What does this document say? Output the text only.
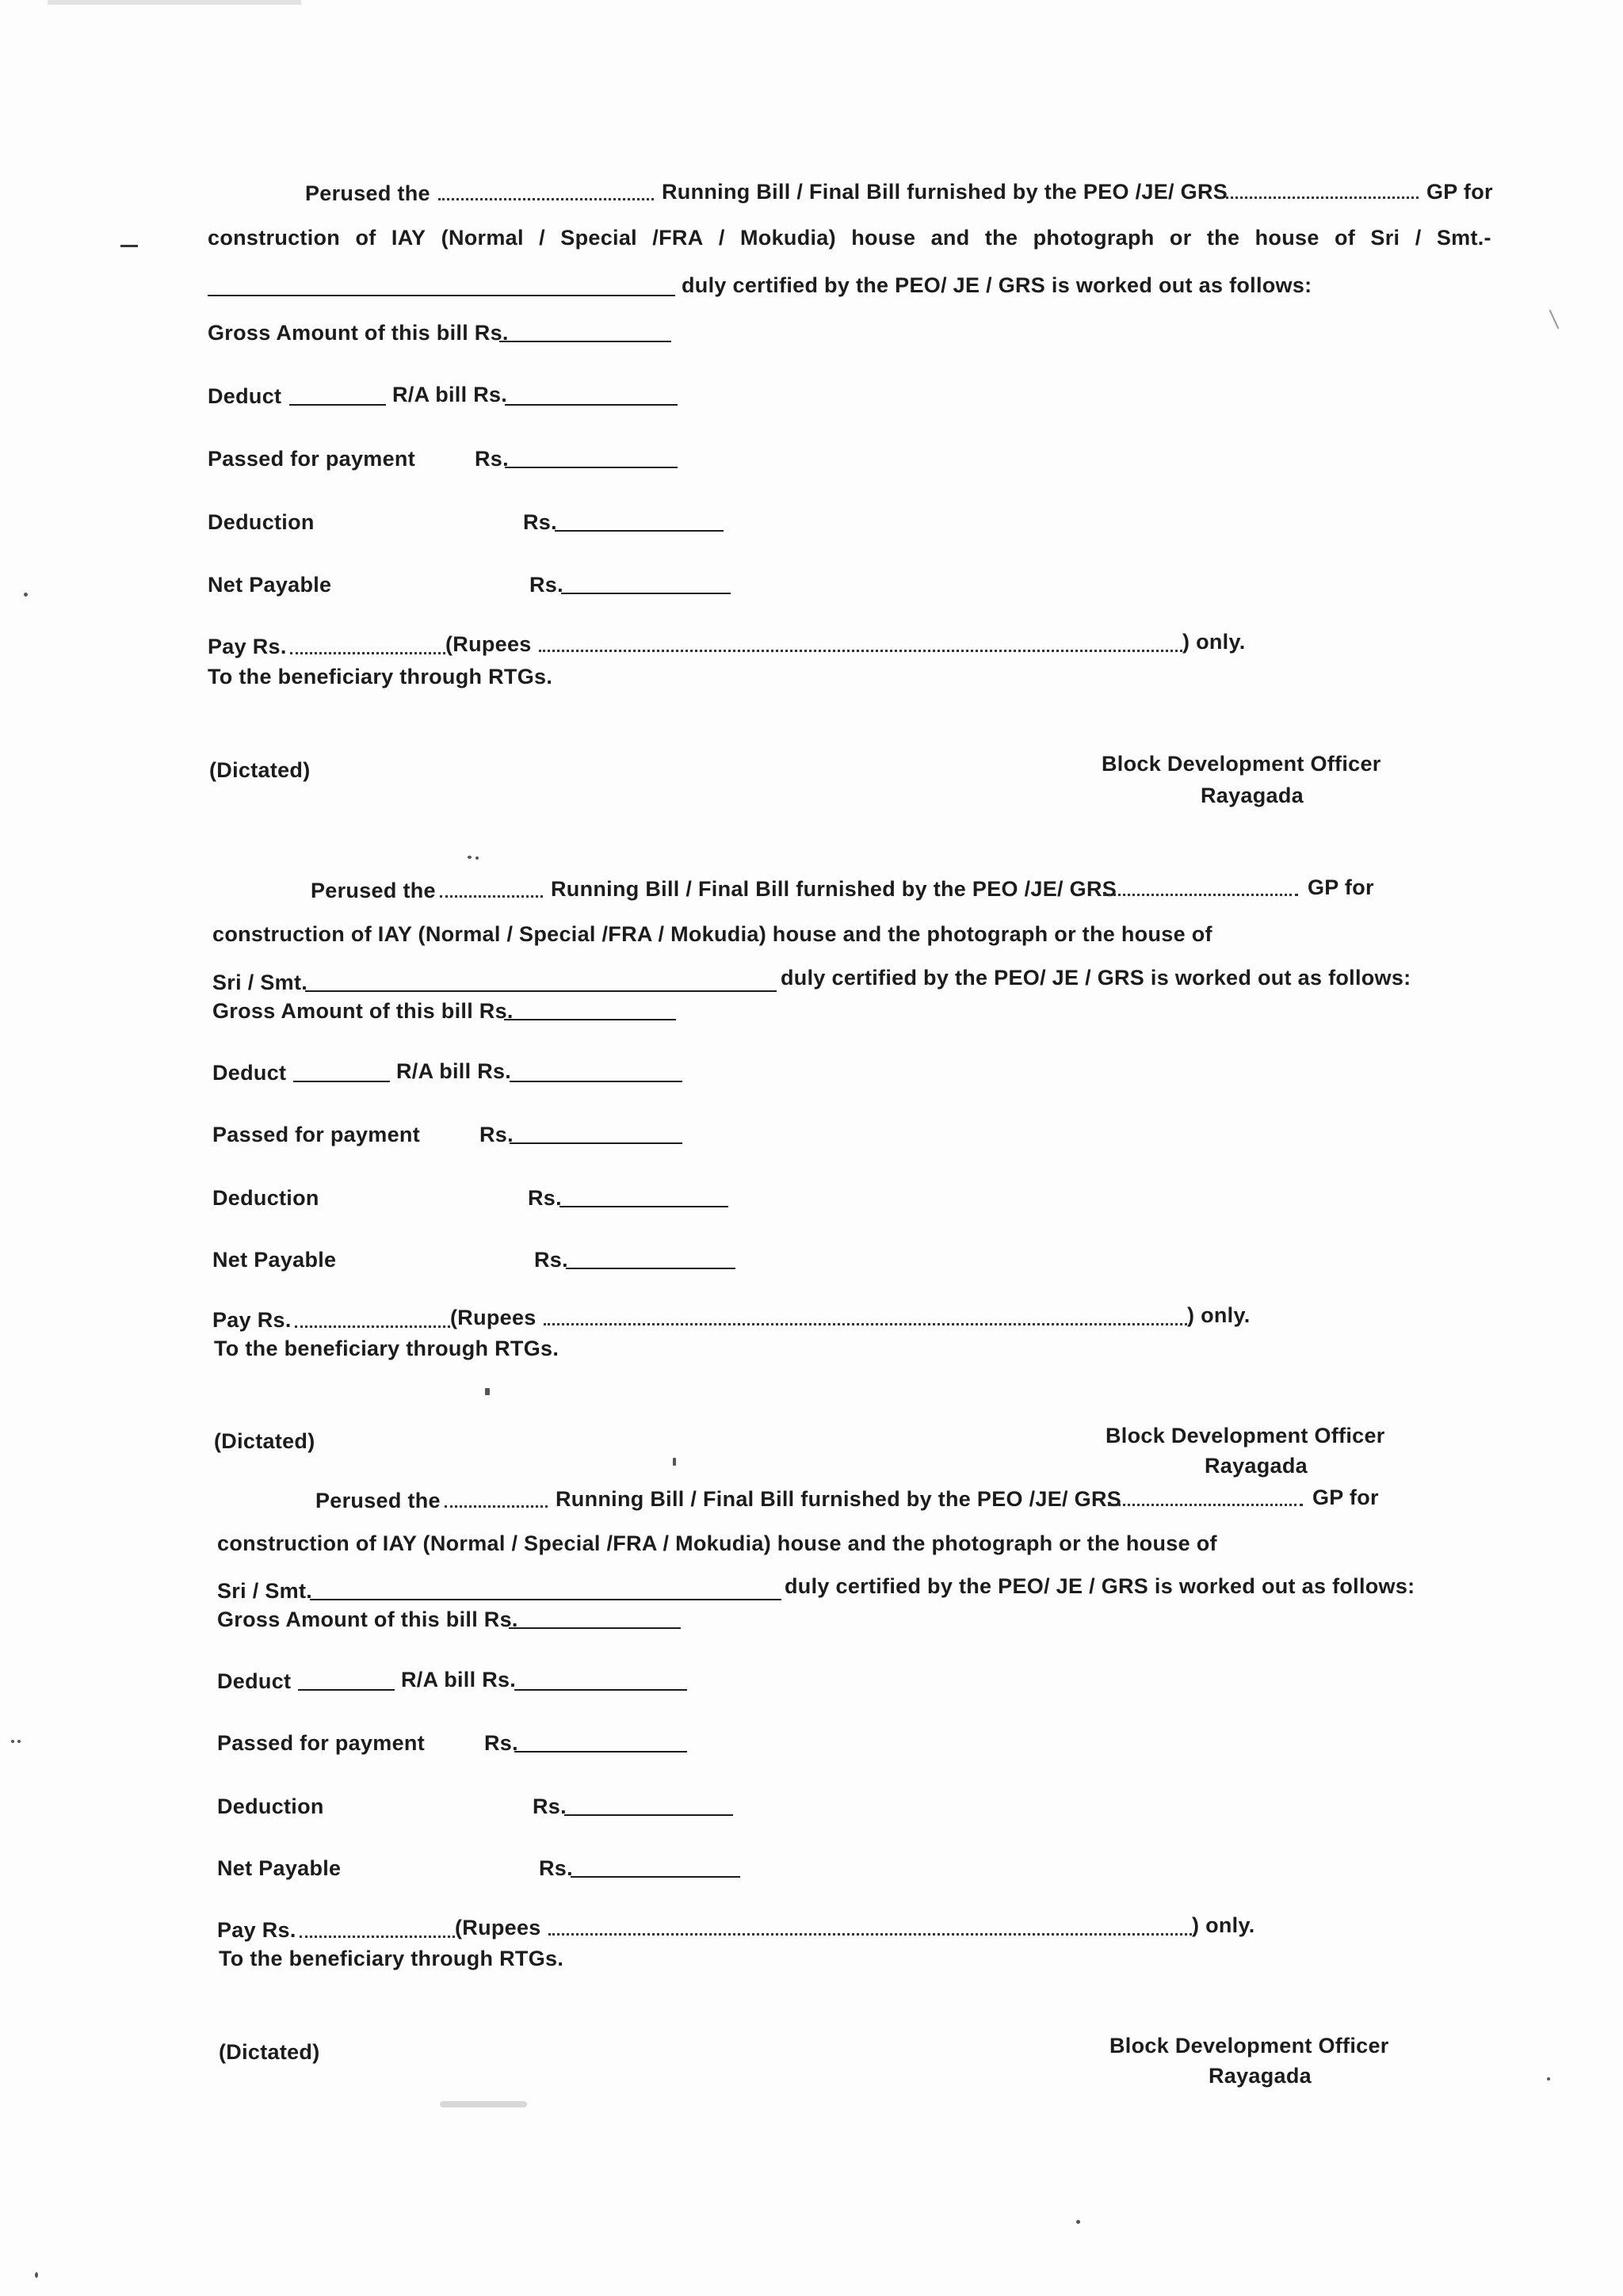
Perused the	Running Bill / Final Bill furnished by the PEO /JE/ GRS	GP for
construction of IAY (Normal / Special /FRA / Mokudia) house and the photograph or the house of Sri / Smt.-
duly certified by the PEO/ JE / GRS is worked out as follows:
Gross Amount of this bill Rs.
Deduct	R/A bill Rs.
Passed for payment	Rs.
Deduction	Rs.
Net Payable	Rs.
Pay Rs.	(Rupees	) only.
To the beneficiary through RTGs.
(Dictated)	Block Development Officer
Rayagada
Perused the	Running Bill / Final Bill furnished by the PEO /JE/ GRS	GP for
construction of IAY (Normal / Special /FRA / Mokudia) house and the photograph or the house of
Sri / Smt.	duly certified by the PEO/ JE / GRS is worked out as follows:
Gross Amount of this bill Rs.
Deduct	R/A bill Rs.
Passed for payment	Rs.
Deduction	Rs.
Net Payable	Rs.
Pay Rs.	(Rupees	) only.
To the beneficiary through RTGs.
(Dictated)	Block Development Officer
Rayagada
Perused the	Running Bill / Final Bill furnished by the PEO /JE/ GRS	GP for
construction of IAY (Normal / Special /FRA / Mokudia) house and the photograph or the house of
Sri / Smt.	duly certified by the PEO/ JE / GRS is worked out as follows:
Gross Amount of this bill Rs.
Deduct	R/A bill Rs.
Passed for payment	Rs.
Deduction	Rs.
Net Payable	Rs.
Pay Rs.	(Rupees	) only.
To the beneficiary through RTGs.
(Dictated)	Block Development Officer
Rayagada
